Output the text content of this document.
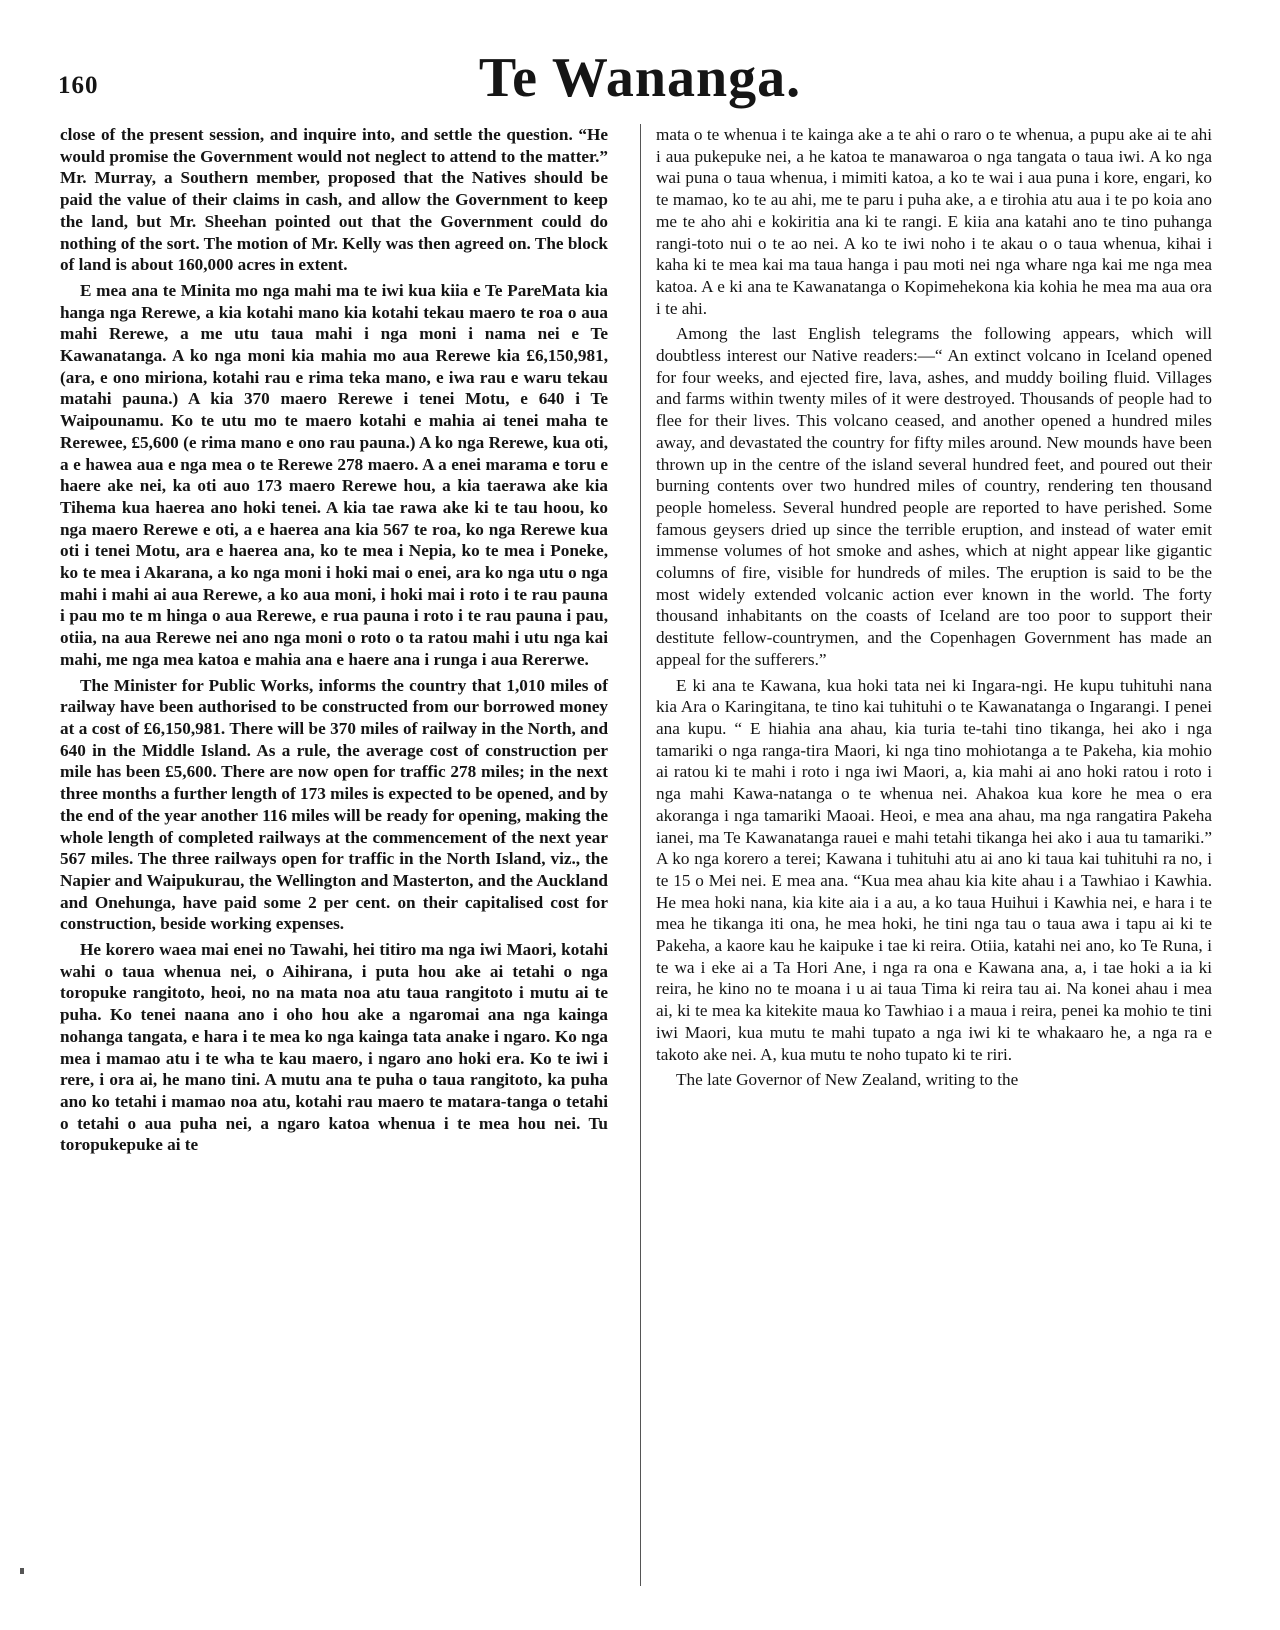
160	Te Wananga.

close of the present session, and inquire into, and settle the question. “He would promise the Government would not neglect to attend to the matter.” Mr. Murray, a Southern member, proposed that the Natives should be paid the value of their claims in cash, and allow the Government to keep the land, but Mr. Sheehan pointed out that the Government could do nothing of the sort. The motion of Mr. Kelly was then agreed on. The block of land is about 160,000 acres in extent.

E mea ana te Minita mo nga mahi ma te iwi kua kiia e Te PareMata kia hanga nga Rerewe, a kia kotahi mano kia kotahi tekau maero te roa o aua mahi Rerewe, a me utu taua mahi i nga moni i nama nei e Te Kawanatanga. A ko nga moni kia mahia mo aua Rerewe kia £6,150,981, (ara, e ono miriona, kotahi rau e rima teka mano, e iwa rau e waru tekau matahi pauna.) A kia 370 maero Rerewe i tenei Motu, e 640 i Te Waipounamu. Ko te utu mo te maero kotahi e mahia ai tenei maha te Rerewee, £5,600 (e rima mano e ono rau pauna.) A ko nga Rerewe, kua oti, a e hawea aua e nga mea o te Rerewe 278 maero. A a enei marama e toru e haere ake nei, ka oti auo 173 maero Rerewe hou, a kia taerawa ake kia Tihema kua haerea ano hoki tenei. A kia tae rawa ake ki te tau hoou, ko nga maero Rerewe e oti, a e haerea ana kia 567 te roa, ko nga Rerewe kua oti i tenei Motu, ara e haerea ana, ko te mea i Nepia, ko te mea i Poneke, ko te mea i Akarana, a ko nga moni i hoki mai o enei, ara ko nga utu o nga mahi i mahi ai aua Rerewe, a ko aua moni, i hoki mai i roto i te rau pauna i pau mo te m hinga o aua Rerewe, e rua pauna i roto i te rau pauna i pau, otiia, na aua Rerewe nei ano nga moni o roto o ta ratou mahi i utu nga kai mahi, me nga mea katoa e mahia ana e haere ana i runga i aua Rererwe.

The Minister for Public Works, informs the country that 1,010 miles of railway have been authorised to be constructed from our borrowed money at a cost of £6,150,981. There will be 370 miles of railway in the North, and 640 in the Middle Island. As a rule, the average cost of construction per mile has been £5,600. There are now open for traffic 278 miles; in the next three months a further length of 173 miles is expected to be opened, and by the end of the year another 116 miles will be ready for opening, making the whole length of completed railways at the commencement of the next year 567 miles. The three railways open for traffic in the North Island, viz., the Napier and Waipukurau, the Wellington and Masterton, and the Auckland and Onehunga, have paid some 2 per cent. on their capitalised cost for construction, beside working expenses.

He korero waea mai enei no Tawahi, hei titiro ma nga iwi Maori, kotahi wahi o taua whenua nei, o Aihirana, i puta hou ake ai tetahi o nga toropuke rangitoto, heoi, no na mata noa atu taua rangitoto i mutu ai te puha. Ko tenei naana ano i oho hou ake a ngaromai ana nga kainga nohanga tangata, e hara i te mea ko nga kainga tata anake i ngaro. Ko nga mea i mamao atu i te wha te kau maero, i ngaro ano hoki era. Ko te iwi i rere, i ora ai, he mano tini. A mutu ana te puha o taua rangitoto, ka puha ano ko tetahi i mamao noa atu, kotahi rau maero te matara-tanga o tetahi o tetahi o aua puha nei, a ngaro katoa whenua i te mea hou nei. Tu toropukepuke ai te

mata o te whenua i te kainga ake a te ahi o raro o te whenua, a pupu ake ai te ahi i aua pukepuke nei, a he katoa te manawaroa o nga tangata o taua iwi. A ko nga wai puna o taua whenua, i mimiti katoa, a ko te wai i aua puna i kore, engari, ko te mamao, ko te au ahi, me te paru i puha ake, a e tirohia atu aua i te po koia ano me te aho ahi e kokiritia ana ki te rangi. E kiia ana katahi ano te tino puhanga rangi-toto nui o te ao nei. A ko te iwi noho i te akau o o taua whenua, kihai i kaha ki te mea kai ma taua hanga i pau moti nei nga whare nga kai me nga mea katoa. A e ki ana te Kawanatanga o Kopimehekona kia kohia he mea ma aua ora i te ahi.

Among the last English telegrams the following appears, which will doubtless interest our Native readers:—“ An extinct volcano in Iceland opened for four weeks, and ejected fire, lava, ashes, and muddy boiling fluid. Villages and farms within twenty miles of it were destroyed. Thousands of people had to flee for their lives. This volcano ceased, and another opened a hundred miles away, and devastated the country for fifty miles around. New mounds have been thrown up in the centre of the island several hundred feet, and poured out their burning contents over two hundred miles of country, rendering ten thousand people homeless. Several hundred people are reported to have perished. Some famous geysers dried up since the terrible eruption, and instead of water emit immense volumes of hot smoke and ashes, which at night appear like gigantic columns of fire, visible for hundreds of miles. The eruption is said to be the most widely extended volcanic action ever known in the world. The forty thousand inhabitants on the coasts of Iceland are too poor to support their destitute fellow-countrymen, and the Copenhagen Government has made an appeal for the sufferers.”

E ki ana te Kawana, kua hoki tata nei ki Ingara-ngi. He kupu tuhituhi nana kia Ara o Karingitana, te tino kai tuhituhi o te Kawanatanga o Ingarangi. I penei ana kupu. “ E hiahia ana ahau, kia turia te-tahi tino tikanga, hei ako i nga tamariki o nga ranga-tira Maori, ki nga tino mohiotanga a te Pakeha, kia mohio ai ratou ki te mahi i roto i nga iwi Maori, a, kia mahi ai ano hoki ratou i roto i nga mahi Kawa-natanga o te whenua nei. Ahakoa kua kore he mea o era akoranga i nga tamariki Maoai. Heoi, e mea ana ahau, ma nga rangatira Pakeha ianei, ma Te Kawanatanga rauei e mahi tetahi tikanga hei ako i aua tu tamariki.” A ko nga korero a terei; Kawana i tuhituhi atu ai ano ki taua kai tuhituhi ra no, i te 15 o Mei nei. E mea ana. “Kua mea ahau kia kite ahau i a Tawhiao i Kawhia. He mea hoki nana, kia kite aia i a au, a ko taua Huihui i Kawhia nei, e hara i te mea he tikanga iti ona, he mea hoki, he tini nga tau o taua awa i tapu ai ki te Pakeha, a kaore kau he kaipuke i tae ki reira. Otiia, katahi nei ano, ko Te Runa, i te wa i eke ai a Ta Hori Ane, i nga ra ona e Kawana ana, a, i tae hoki a ia ki reira, he kino no te moana i u ai taua Tima ki reira tau ai. Na konei ahau i mea ai, ki te mea ka kitekite maua ko Tawhiao i a maua i reira, penei ka mohio te tini iwi Maori, kua mutu te mahi tupato a nga iwi ki te whakaaro he, a nga ra e takoto ake nei. A, kua mutu te noho tupato ki te riri.

The late Governor of New Zealand, writing to the
